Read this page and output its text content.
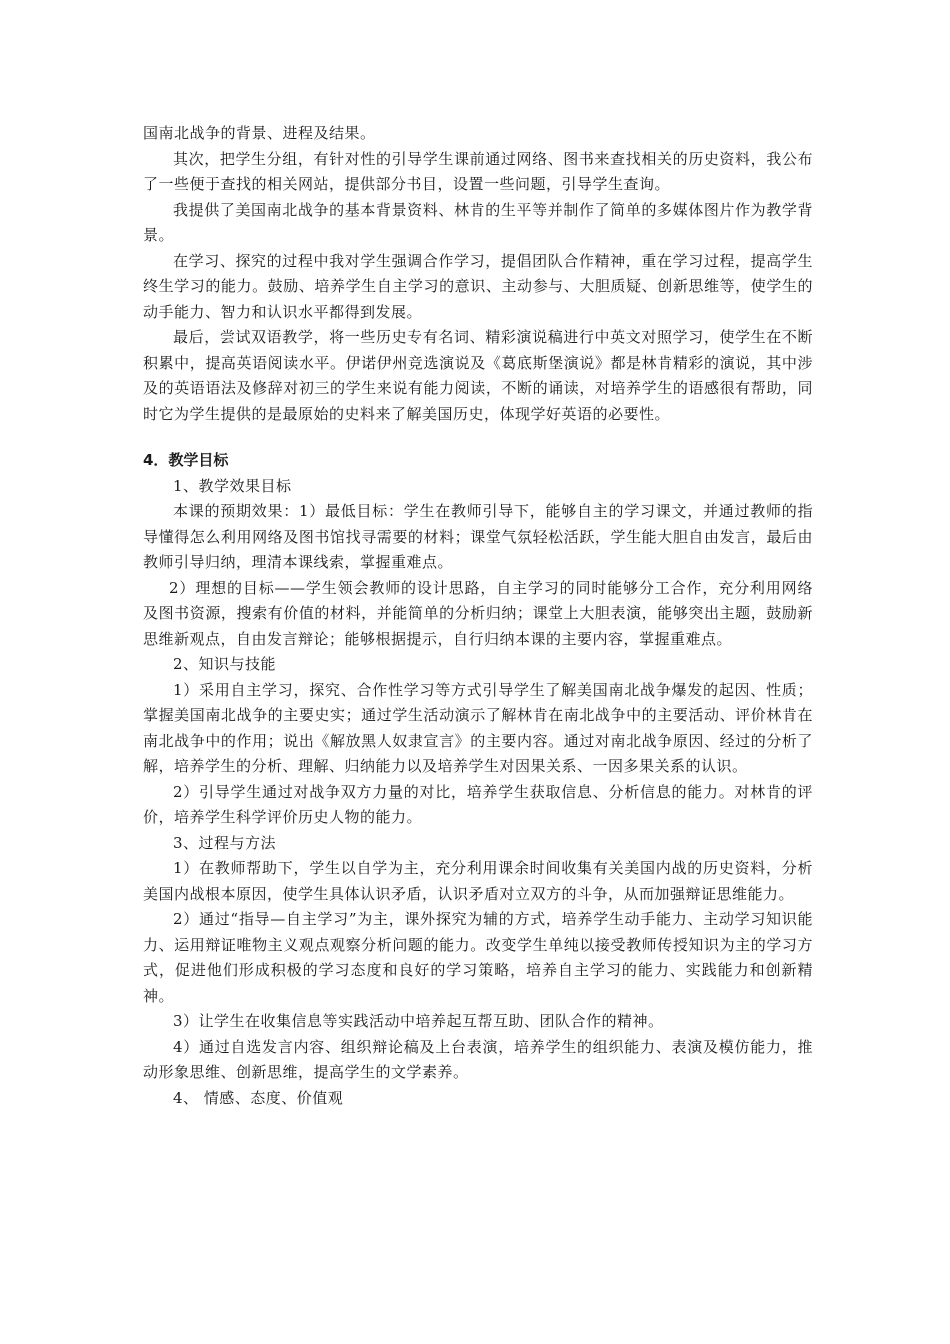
国南北战争的背景、进程及结果。

其次，把学生分组，有针对性的引导学生课前通过网络、图书来查找相关的历史资料，我公布了一些便于查找的相关网站，提供部分书目，设置一些问题，引导学生查询。

我提供了美国南北战争的基本背景资料、林肯的生平等并制作了简单的多媒体图片作为教学背景。

在学习、探究的过程中我对学生强调合作学习，提倡团队合作精神，重在学习过程，提高学生终生学习的能力。鼓励、培养学生自主学习的意识、主动参与、大胆质疑、创新思维等，使学生的动手能力、智力和认识水平都得到发展。

最后，尝试双语教学，将一些历史专有名词、精彩演说稿进行中英文对照学习，使学生在不断积累中，提高英语阅读水平。伊诺伊州竞选演说及《葛底斯堡演说》都是林肯精彩的演说，其中涉及的英语语法及修辞对初三的学生来说有能力阅读，不断的诵读，对培养学生的语感很有帮助，同时它为学生提供的是最原始的史料来了解美国历史，体现学好英语的必要性。

4．教学目标

1、教学效果目标

本课的预期效果：1）最低目标：学生在教师引导下，能够自主的学习课文，并通过教师的指导懂得怎么利用网络及图书馆找寻需要的材料；课堂气氛轻松活跃，学生能大胆自由发言，最后由教师引导归纳，理清本课线索，掌握重难点。

2）理想的目标——学生领会教师的设计思路，自主学习的同时能够分工合作，充分利用网络及图书资源，搜索有价值的材料，并能简单的分析归纳；课堂上大胆表演，能够突出主题，鼓励新思维新观点，自由发言辩论；能够根据提示，自行归纳本课的主要内容，掌握重难点。

2、知识与技能

1）采用自主学习，探究、合作性学习等方式引导学生了解美国南北战争爆发的起因、性质；掌握美国南北战争的主要史实；通过学生活动演示了解林肯在南北战争中的主要活动、评价林肯在南北战争中的作用；说出《解放黑人奴隶宣言》的主要内容。通过对南北战争原因、经过的分析了解，培养学生的分析、理解、归纳能力以及培养学生对因果关系、一因多果关系的认识。

2）引导学生通过对战争双方力量的对比，培养学生获取信息、分析信息的能力。对林肯的评价，培养学生科学评价历史人物的能力。

3、过程与方法

1）在教师帮助下，学生以自学为主，充分利用课余时间收集有关美国内战的历史资料，分析美国内战根本原因，使学生具体认识矛盾，认识矛盾对立双方的斗争，从而加强辩证思维能力。

2）通过“指导—自主学习”为主，课外探究为辅的方式，培养学生动手能力、主动学习知识能力、运用辩证唯物主义观点观察分析问题的能力。改变学生单纯以接受教师传授知识为主的学习方式，促进他们形成积极的学习态度和良好的学习策略，培养自主学习的能力、实践能力和创新精神。

3）让学生在收集信息等实践活动中培养起互帮互助、团队合作的精神。

4）通过自选发言内容、组织辩论稿及上台表演，培养学生的组织能力、表演及模仿能力，推动形象思维、创新思维，提高学生的文学素养。

4、 情感、态度、价值观
